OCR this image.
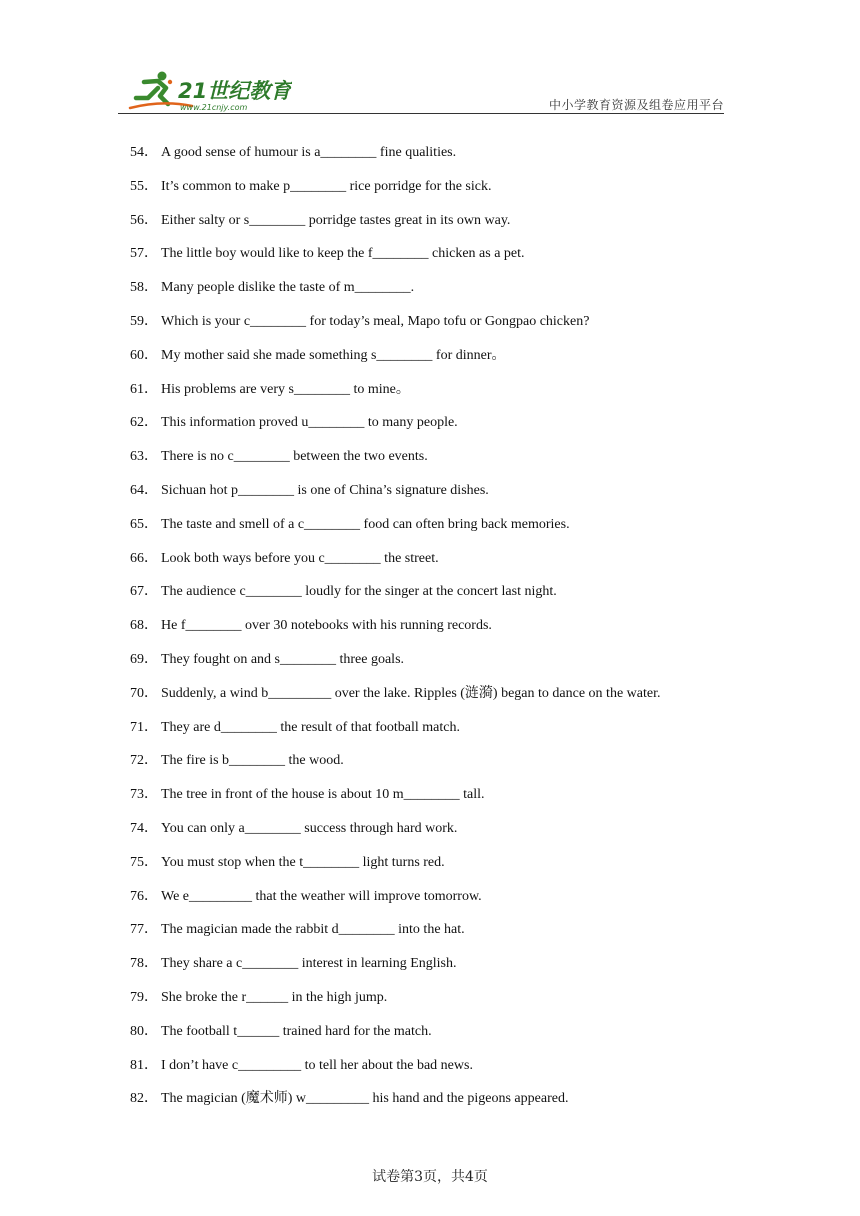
21世纪教育
www.21cnjy.com	中小学教育资源及组卷应用平台
54． A good sense of humour is a________ fine qualities.
55． It’s common to make p________ rice porridge for the sick.
56． Either salty or s________ porridge tastes great in its own way.
57． The little boy would like to keep the f________ chicken as a pet.
58． Many people dislike the taste of m________.
59． Which is your c________ for today’s meal, Mapo tofu or Gongpao chicken?
60． My mother said she made something s________ for dinner。
61． His problems are very s________ to mine。
62． This information proved u________ to many people.
63． There is no c________ between the two events.
64． Sichuan hot p________ is one of China’s signature dishes.
65． The taste and smell of a c________ food can often bring back memories.
66． Look both ways before you c________ the street.
67． The audience c________ loudly for the singer at the concert last night.
68． He f________ over 30 notebooks with his running records.
69． They fought on and s________ three goals.
70． Suddenly, a wind b_________ over the lake. Ripples (涟漪) began to dance on the water.
71． They are d________ the result of that football match.
72． The fire is b________ the wood.
73． The tree in front of the house is about 10 m________ tall.
74． You can only a________ success through hard work.
75． You must stop when the t________ light turns red.
76． We e_________ that the weather will improve tomorrow.
77． The magician made the rabbit d________ into the hat.
78． They share a c________ interest in learning English.
79． She broke the r______ in the high jump.
80． The football t______ trained hard for the match.
81． I don’t have c_________ to tell her about the bad news.
82． The magician (魔术师) w_________ his hand and the pigeons appeared.
试卷第3页，共4页
